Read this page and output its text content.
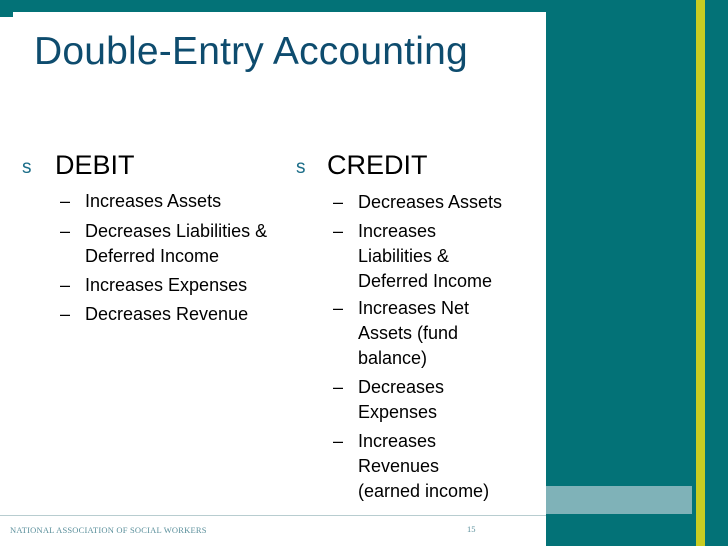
Double-Entry Accounting
s DEBIT
– Increases Assets
– Decreases Liabilities & Deferred Income
– Increases Expenses
– Decreases Revenue
s CREDIT
– Decreases Assets
– Increases Liabilities & Deferred Income
– Increases Net Assets (fund balance)
– Decreases Expenses
– Increases Revenues (earned income)
NATIONAL ASSOCIATION OF SOCIAL WORKERS	15
